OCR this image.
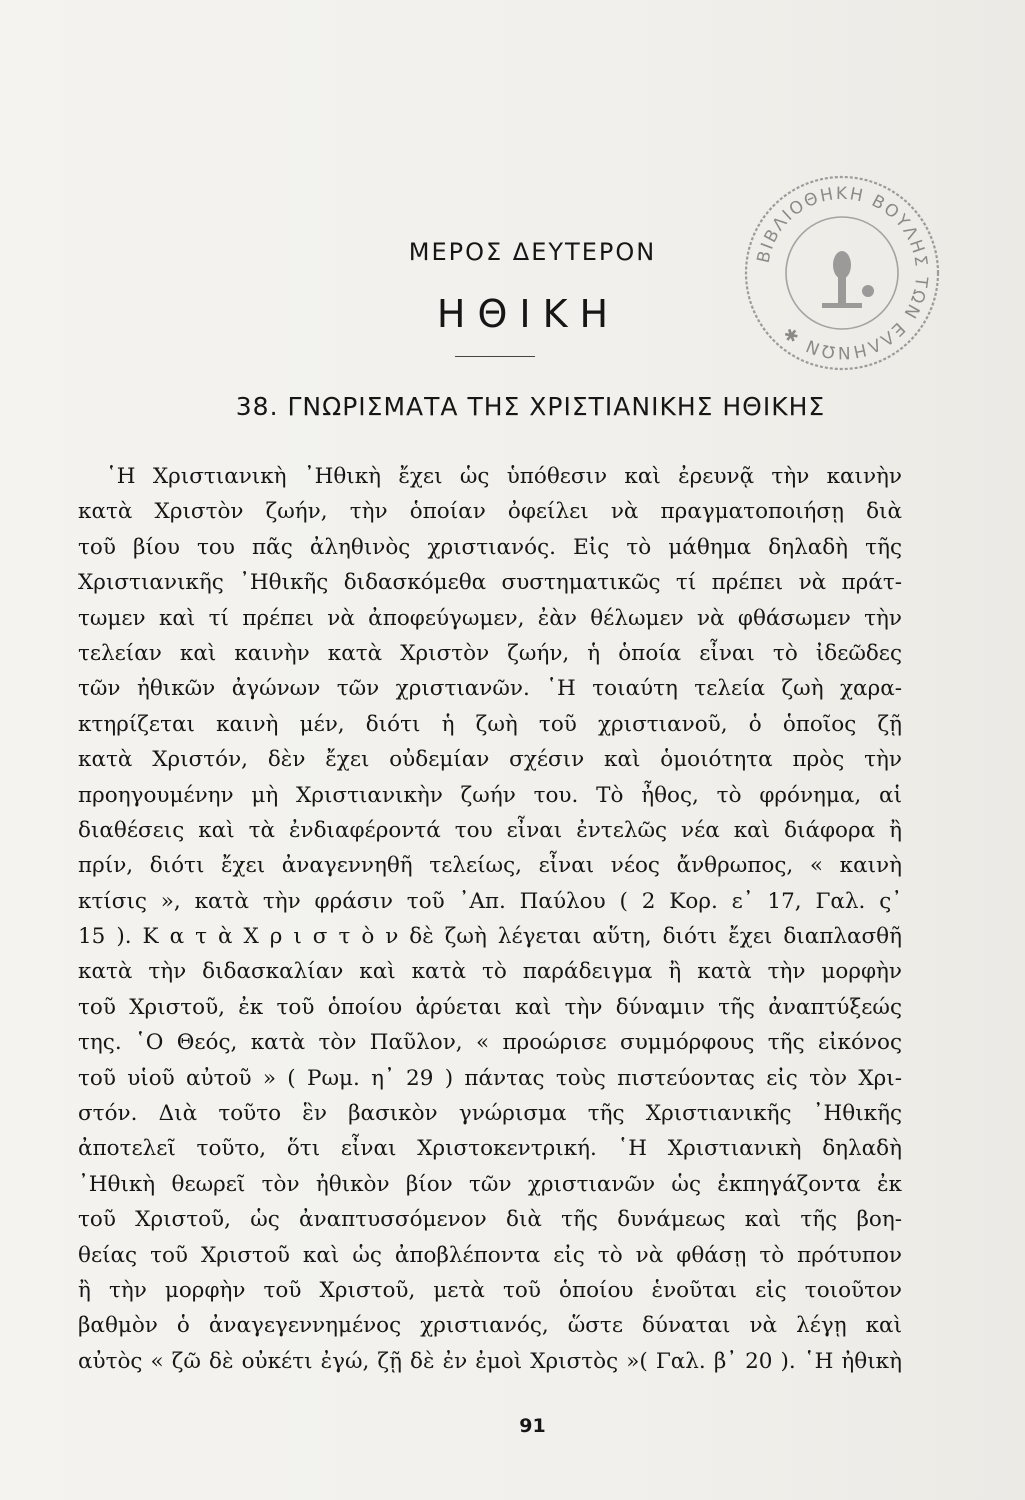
ΒΙΒΛΙΟΘΗΚΗ ΒΟΥΛΗΣ ΤΩΝ ΕΛΛΗΝΩΝ ✱
ΜΕΡΟΣ ΔΕΥΤΕΡΟΝ
ΗΘΙΚΗ
38. ΓΝΩΡΙΣΜΑΤΑ ΤΗΣ ΧΡΙΣΤΙΑΝΙΚΗΣ ΗΘΙΚΗΣ
῾Η Χριστιανικὴ ᾿Ηθικὴ ἔχει ὡς ὑπόθεσιν καὶ ἐρευνᾷ τὴν καινὴν
κατὰ Χριστὸν ζωήν, τὴν ὁποίαν ὀφείλει νὰ πραγματοποιήσῃ διὰ
τοῦ βίου του πᾶς ἀληθινὸς χριστιανός. Εἰς τὸ μάθημα δηλαδὴ τῆς
Χριστιανικῆς ᾿Ηθικῆς διδασκόμεθα συστηματικῶς τί πρέπει νὰ πράτ-
τωμεν καὶ τί πρέπει νὰ ἀποφεύγωμεν, ἐὰν θέλωμεν νὰ φθάσωμεν τὴν
τελείαν καὶ καινὴν κατὰ Χριστὸν ζωήν, ἡ ὁποία εἶναι τὸ ἰδεῶδες
τῶν ἠθικῶν ἀγώνων τῶν χριστιανῶν. ῾Η τοιαύτη τελεία ζωὴ χαρα-
κτηρίζεται καινὴ μέν, διότι ἡ ζωὴ τοῦ χριστιανοῦ, ὁ ὁποῖος ζῇ
κατὰ Χριστόν, δὲν ἔχει οὐδεμίαν σχέσιν καὶ ὁμοιότητα πρὸς τὴν
προηγουμένην μὴ Χριστιανικὴν ζωήν του. Τὸ ἦθος, τὸ φρόνημα, αἱ
διαθέσεις καὶ τὰ ἐνδιαφέροντά του εἶναι ἐντελῶς νέα καὶ διάφορα ἢ
πρίν, διότι ἔχει ἀναγεννηθῆ τελείως, εἶναι νέος ἄνθρωπος, « καινὴ
κτίσις », κατὰ τὴν φράσιν τοῦ ᾿Απ. Παύλου ( 2 Κορ. ε᾿ 17, Γαλ. ς᾿
15 ). Κ α τ ὰ Χ ρ ι σ τ ὸ ν δὲ ζωὴ λέγεται αὕτη, διότι ἔχει διαπλασθῆ
κατὰ τὴν διδασκαλίαν καὶ κατὰ τὸ παράδειγμα ἢ κατὰ τὴν μορφὴν
τοῦ Χριστοῦ, ἐκ τοῦ ὁποίου ἀρύεται καὶ τὴν δύναμιν τῆς ἀναπτύξεώς
της. ῾Ο Θεός, κατὰ τὸν Παῦλον, « προώρισε συμμόρφους τῆς εἰκόνος
τοῦ υἱοῦ αὐτοῦ » ( Ρωμ. η᾿ 29 ) πάντας τοὺς πιστεύοντας εἰς τὸν Χρι-
στόν. Διὰ τοῦτο ἓν βασικὸν γνώρισμα τῆς Χριστιανικῆς ᾿Ηθικῆς
ἀποτελεῖ τοῦτο, ὅτι εἶναι Χριστοκεντρική. ῾Η Χριστιανικὴ δηλαδὴ
᾿Ηθικὴ θεωρεῖ τὸν ἠθικὸν βίον τῶν χριστιανῶν ὡς ἐκπηγάζοντα ἐκ
τοῦ Χριστοῦ, ὡς ἀναπτυσσόμενον διὰ τῆς δυνάμεως καὶ τῆς βοη-
θείας τοῦ Χριστοῦ καὶ ὡς ἀποβλέποντα εἰς τὸ νὰ φθάσῃ τὸ πρότυπον
ἢ τὴν μορφὴν τοῦ Χριστοῦ, μετὰ τοῦ ὁποίου ἑνοῦται εἰς τοιοῦτον
βαθμὸν ὁ ἀναγεγεννημένος χριστιανός, ὥστε δύναται νὰ λέγῃ καὶ
αὐτὸς « ζῶ δὲ οὐκέτι ἐγώ, ζῇ δὲ ἐν ἐμοὶ Χριστὸς »( Γαλ. β᾿ 20 ). ῾Η ἠθικὴ
91
